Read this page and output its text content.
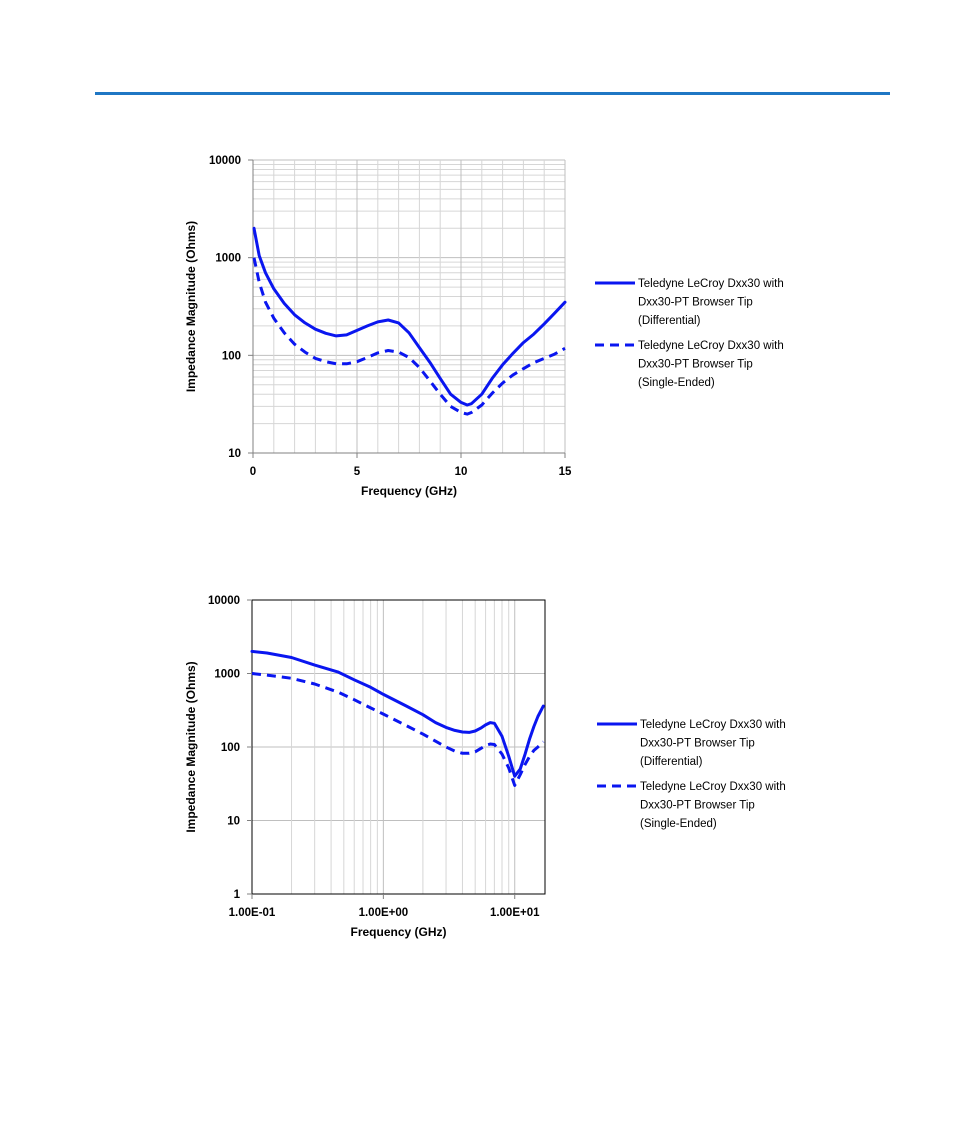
10
100
1000
10000
0	5	10	15
Frequency (GHz)
Impedance Magnitude (Ohms)	Teledyne LeCroy Dxx30 with
Dxx30-PT Browser Tip
(Differential)
Teledyne LeCroy Dxx30 with
Dxx30-PT Browser Tip
(Single-Ended)
1
10
100
1000
10000
1.00E-01	1.00E+00	1.00E+01
Frequency (GHz)
Impedance Magnitude (Ohms)	Teledyne LeCroy Dxx30 with
Dxx30-PT Browser Tip
(Differential)
Teledyne LeCroy Dxx30 with
Dxx30-PT Browser Tip
(Single-Ended)
